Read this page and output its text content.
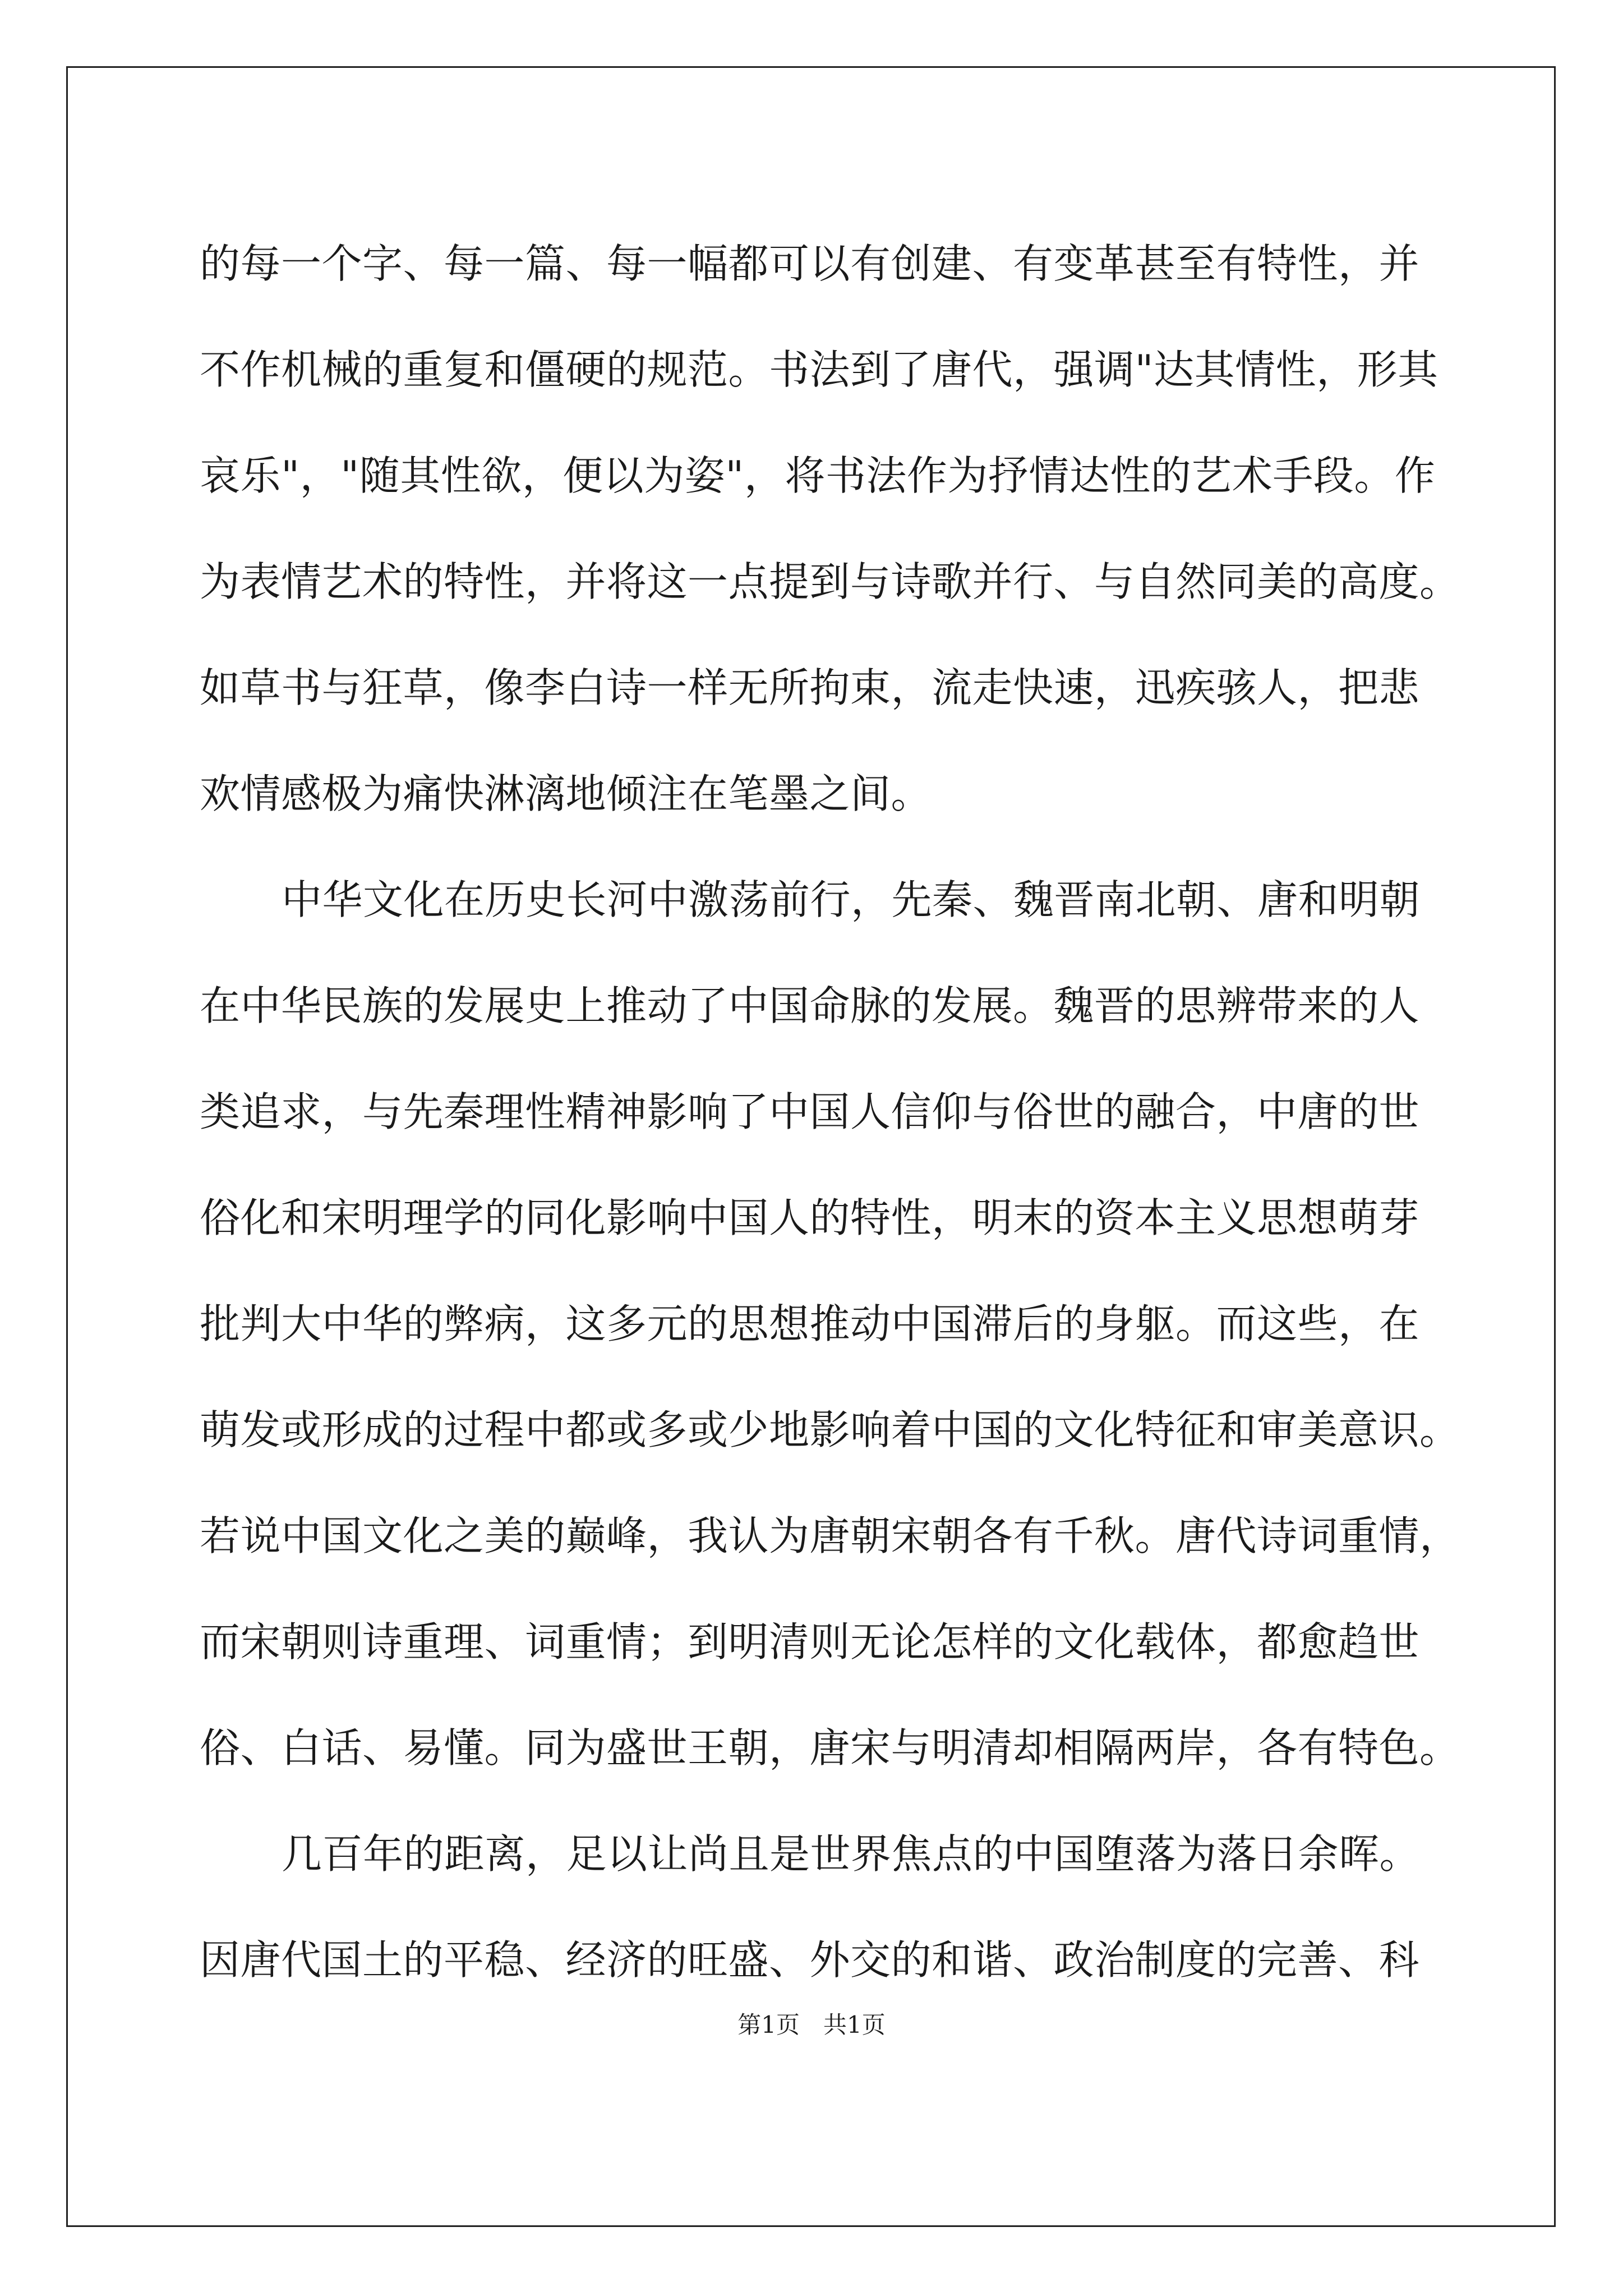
的每一个字、每一篇、每一幅都可以有创建、有变革甚至有特性，并
不作机械的重复和僵硬的规范。书法到了唐代，强调"达其情性，形其
哀乐"，"随其性欲，便以为姿"，将书法作为抒情达性的艺术手段。作
为表情艺术的特性，并将这一点提到与诗歌并行、与自然同美的高度。
如草书与狂草，像李白诗一样无所拘束，流走快速，迅疾骇人，把悲
欢情感极为痛快淋漓地倾注在笔墨之间。
中华文化在历史长河中激荡前行，先秦、魏晋南北朝、唐和明朝
在中华民族的发展史上推动了中国命脉的发展。魏晋的思辨带来的人
类追求，与先秦理性精神影响了中国人信仰与俗世的融合，中唐的世
俗化和宋明理学的同化影响中国人的特性，明末的资本主义思想萌芽
批判大中华的弊病，这多元的思想推动中国滞后的身躯。而这些，在
萌发或形成的过程中都或多或少地影响着中国的文化特征和审美意识。
若说中国文化之美的巅峰，我认为唐朝宋朝各有千秋。唐代诗词重情，
而宋朝则诗重理、词重情；到明清则无论怎样的文化载体，都愈趋世
俗、白话、易懂。同为盛世王朝，唐宋与明清却相隔两岸，各有特色。
几百年的距离，足以让尚且是世界焦点的中国堕落为落日余晖。
因唐代国土的平稳、经济的旺盛、外交的和谐、政治制度的完善、科
第1页　共1页
